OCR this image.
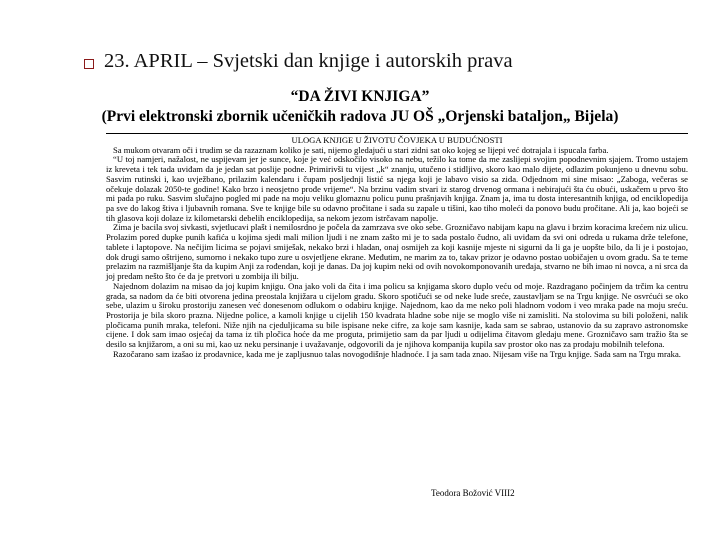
23. APRIL – Svjetski dan knjige i autorskih prava
“DA ŽIVI KNJIGA”
(Prvi elektronski zbornik učeničkih radova JU OŠ „Orjenski bataljon„ Bijela)
ULOGA KNJIGE U ŽIVOTU ČOVJEKA U BUDUĆNOSTI

Sa mukom otvaram oči i trudim se da razaznam koliko je sati, nijemo gledajući u stari zidni sat oko kojeg se lijepi već dotrajala i ispucala farba.

“U toj namjeri, nažalost, ne uspijevam jer je sunce, koje je već odskočilo visoko na nebu, težilo ka tome da me zaslijepi svojim popodnevnim sjajem. Tromo ustajem iz kreveta i tek tada uviđam da je jedan sat poslije podne. Primirivši tu vijest ,,k“ znanju, utučeno i stidljivo, skoro kao malo dijete, odlazim pokunjeno u dnevnu sobu. Sasvim rutinski i, kao uvježbano, prilazim kalendaru i čupam posljednji listić sa njega koji je labavo visio sa zida. Odjednom mi sine misao: „Zaboga, večeras se očekuje dolazak 2050-te godine! Kako brzo i neosjetno prođe vrijeme“. Na brzinu vadim stvari iz starog drvenog ormana i nebirajući šta ću obući, uskačem u prvo što mi pada po ruku. Sasvim slučajno pogled mi pade na moju veliku glomaznu policu punu prašnjavih knjiga. Znam ja, ima tu dosta interesantnih knjiga, od enciklopedija pa sve do lakog štiva i ljubavnih romana. Sve te knjige bile su odavno pročitane i sada su zapale u tišini, kao tiho moleći da ponovo budu pročitane. Ali ja, kao bojeći se tih glasova koji dolaze iz kilometarski debelih enciklopedija, sa nekom jezom istrčavam napolje.

Zima je bacila svoj sivkasti, svjetlucavi plašt i nemilosrdno je počela da zamrzava sve oko sebe. Grozničavo nabijam kapu na glavu i brzim koracima krećem niz ulicu. Prolazim pored dupke punih kafića u kojima sjedi mali milion ljudi i ne znam zašto mi je to sada postalo čudno, ali uviđam da svi oni odreda u rukama drže telefone, tablete i laptopove. Na nečijim licima se pojavi smiješak, nekako brzi i hladan, onaj osmijeh za koji kasnije mjeste ni sigurni da li ga je uopšte bilo, da li je i postojao, dok drugi samo oštrijeno, sumorno i nekako tupo zure u osvjetljene ekrane. Međutim, ne marim za to, takav prizor je odavno postao uobičajen u ovom gradu. Sa te teme prelazim na razmišljanje šta da kupim Anji za rođendan, koji je danas. Da joj kupim neki od ovih novokomponovanih uređaja, stvarno ne bih imao ni novca, a ni srca da joj predam nešto što će da je pretvori u zombija ili bilju.

Najednom dolazim na misao da joj kupim knjigu. Ona jako voli da čita i ima policu sa knjigama skoro duplo veću od moje. Razdragano počinjem da trčim ka centru grada, sa nadom da će biti otvorena jedina preostala knjižara u cijelom gradu. Skoro spotičući se od neke lude sreće, zaustavljam se na Trgu knjige. Ne osvrćući se oko sebe, ulazim u široku prostoriju zanesen već donesenom odlukom o odabiru knjige. Najednom, kao da me neko poli hladnom vodom i veo mraka pade na moju sreću. Prostorija je bila skoro prazna. Nijedne police, a kamoli knjige u cijelih 150 kvadrata hladne sobe nije se moglo više ni zamisliti. Na stolovima su bili položeni, nalik pločicama punih mraka, telefoni. Niže njih na cjeduljicama su bile ispisane neke cifre, za koje sam kasnije, kada sam se sabrao, ustanovio da su zapravo astronomske cijene. I dok sam imao osjećaj da tama iz tih pločica hoće da me proguta, primijetio sam da par ljudi u odijelima čitavom gledaju mene. Grozničavo sam tražio šta se desilo sa knjižarom, a oni su mi, kao uz neku persinanje i uvažavanje, odgovorili da je njihova kompanija kupila sav prostor oko nas za prodaju mobilnih telefona.

Razočarano sam izašao iz prodavnice, kada me je zapljusnuo talas novogodišnje hladnoće. I ja sam tada znao. Nijesam više na Trgu knjige. Sada sam na Trgu mraka.

Teodora Božović VIII2
